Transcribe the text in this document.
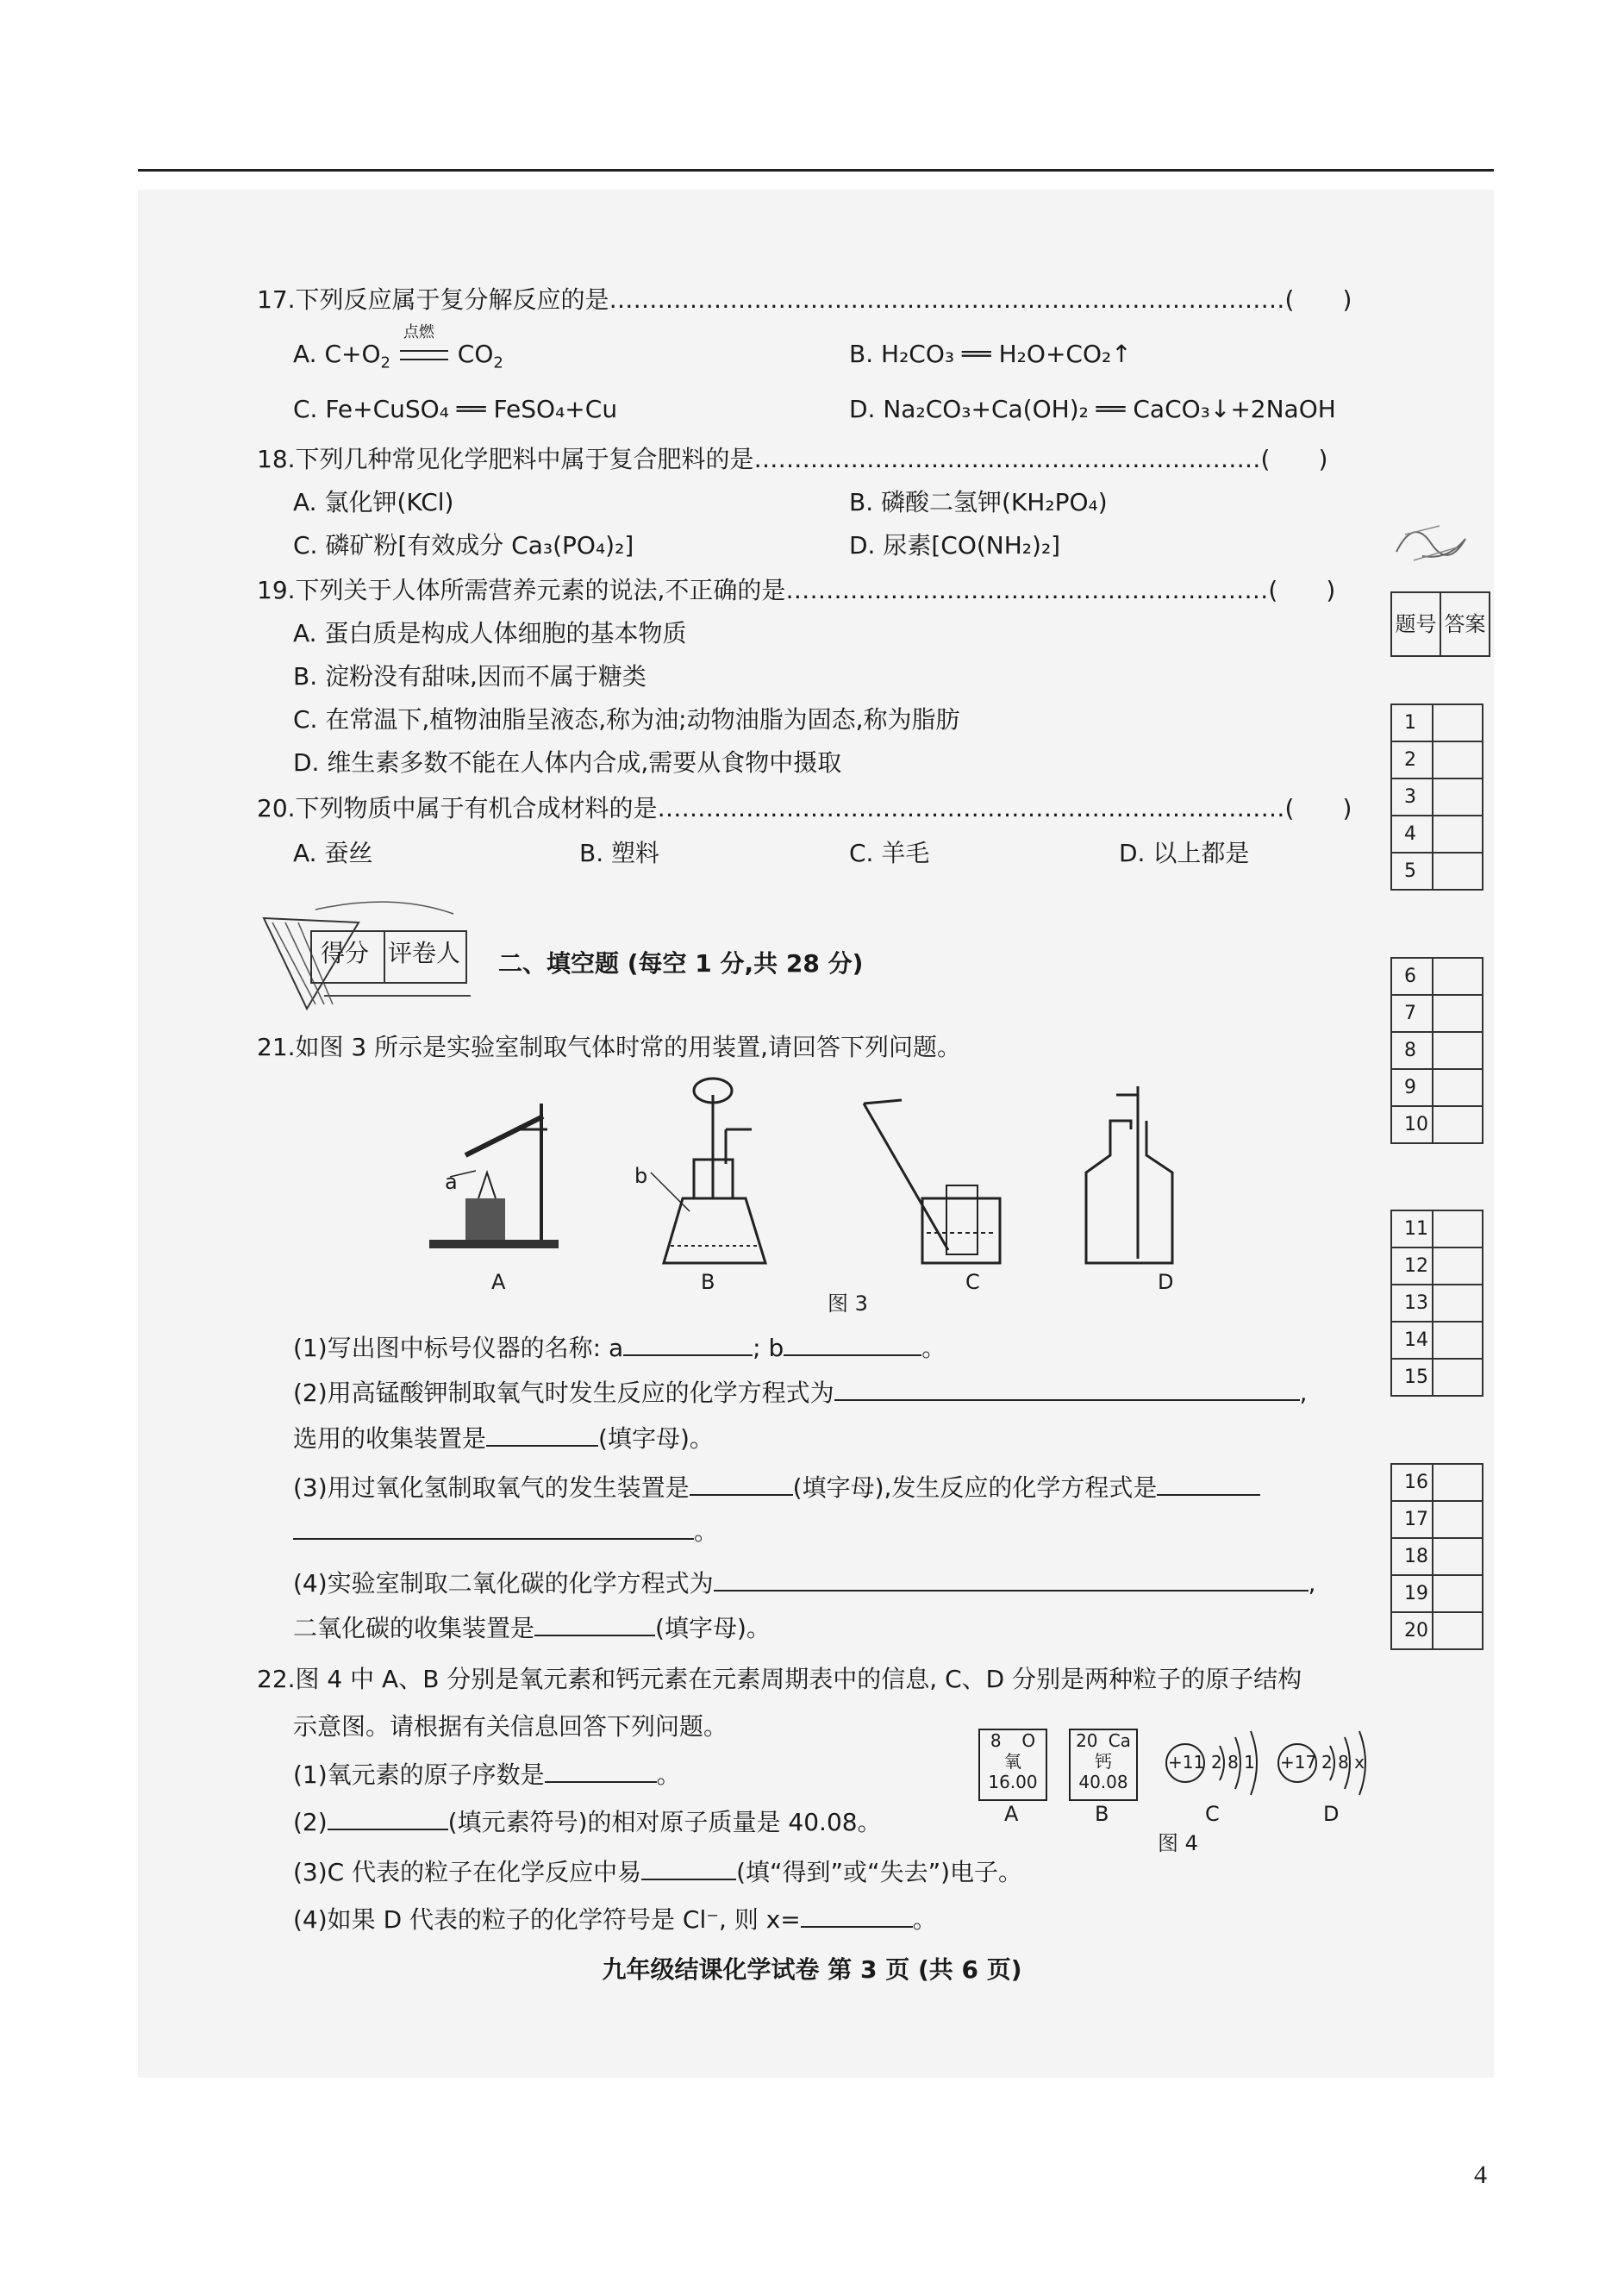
17.下列反应属于复分解反应的是…………………………………………………………………………(　　)
A. $C+O_2$
点燃
$CO_2$	B. H₂CO₃ ══ H₂O+CO₂↑
C. Fe+CuSO₄ ══ FeSO₄+Cu	D. Na₂CO₃+Ca(OH)₂ ══ CaCO₃↓+2NaOH
18.下列几种常见化学肥料中属于复合肥料的是………………………………………………………(　　)
A. 氯化钾(KCl)	B. 磷酸二氢钾(KH₂PO₄)
C. 磷矿粉[有效成分 Ca₃(PO₄)₂]	D. 尿素[CO(NH₂)₂]
19.下列关于人体所需营养元素的说法,不正确的是……………………………………………………(　　)
A. 蛋白质是构成人体细胞的基本物质
B. 淀粉没有甜味,因而不属于糖类
C. 在常温下,植物油脂呈液态,称为油;动物油脂为固态,称为脂肪
D. 维生素多数不能在人体内合成,需要从食物中摄取
20.下列物质中属于有机合成材料的是……………………………………………………………………(　　)
A. 蚕丝	B. 塑料	C. 羊毛	D. 以上都是
得分 评卷人 二、填空题 (每空 1 分,共 28 分)
21.如图 3 所示是实验室制取气体时常的用装置,请回答下列问题。
a	b
A	B	C	D
图 3
(1)写出图中标号仪器的名称: a	; b	。
(2)用高锰酸钾制取氧气时发生反应的化学方程式为	,
选用的收集装置是	(填字母)。
(3)用过氧化氢制取氧气的发生装置是	(填字母),发生反应的化学方程式是
。
(4)实验室制取二氧化碳的化学方程式为	,
二氧化碳的收集装置是	(填字母)。
22.图 4 中 A、B 分别是氧元素和钙元素在元素周期表中的信息, C、D 分别是两种粒子的原子结构
示意图。请根据有关信息回答下列问题。
(1)氧元素的原子序数是	。
(2)	(填元素符号)的相对原子质量是 40.08。
(3)C 代表的粒子在化学反应中易	(填“得到”或“失去”)电子。
(4)如果 D 代表的粒子的化学符号是 Cl⁻, 则 x=	。
8 O
氧
16.00
20 Ca
钙
40.08
+11 2 8 1 +17 2 8 x
A	B	C	D
图 4
题号	答案
1	
2	
3	
4	
5	
6	
7	
8	
9	
10	
11	
12	
13	
14	
15	
16	
17	
18	
19	
20	
九年级结课化学试卷 第 3 页 (共 6 页)
4
